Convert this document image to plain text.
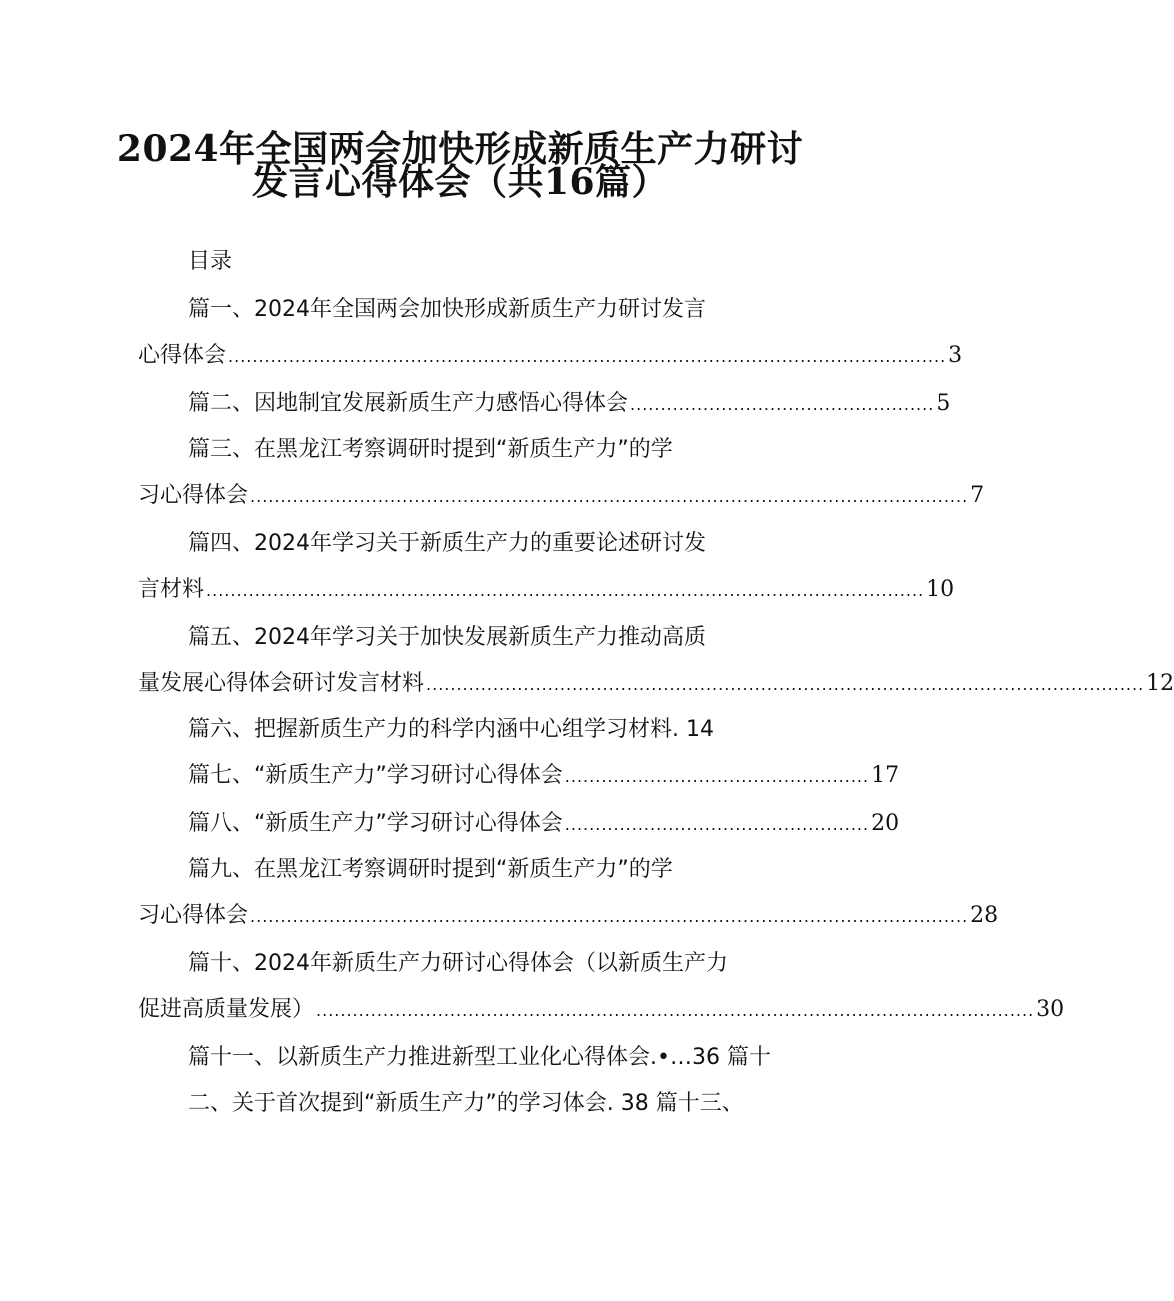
2024年全国两会加快形成新质生产力研讨
发言心得体会（共16篇）
目录
篇一、2024年全国两会加快形成新质生产力研讨发言
心得体会 ...................................................................................................................... 3
篇二、因地制宜发展新质生产力感悟心得体会 .................................................. 5
篇三、在黑龙江考察调研时提到“新质生产力”的学
习心得体会 ...................................................................................................................... 7
篇四、2024年学习关于新质生产力的重要论述研讨发
言材料 ...................................................................................................................... 10
篇五、2024年学习关于加快发展新质生产力推动高质
量发展心得体会研讨发言材料 ...................................................................................................................... 12
篇六、把握新质生产力的科学内涵中心组学习材料. 14
篇七、“新质生产力”学习研讨心得体会 .................................................. 17
篇八、“新质生产力”学习研讨心得体会 .................................................. 20
篇九、在黑龙江考察调研时提到“新质生产力”的学
习心得体会 ...................................................................................................................... 28
篇十、2024年新质生产力研讨心得体会（以新质生产力
促进高质量发展） ...................................................................................................................... 30
篇十一、以新质生产力推进新型工业化心得体会.•…36 篇十
二、关于首次提到“新质生产力”的学习体会. 38 篇十三、
